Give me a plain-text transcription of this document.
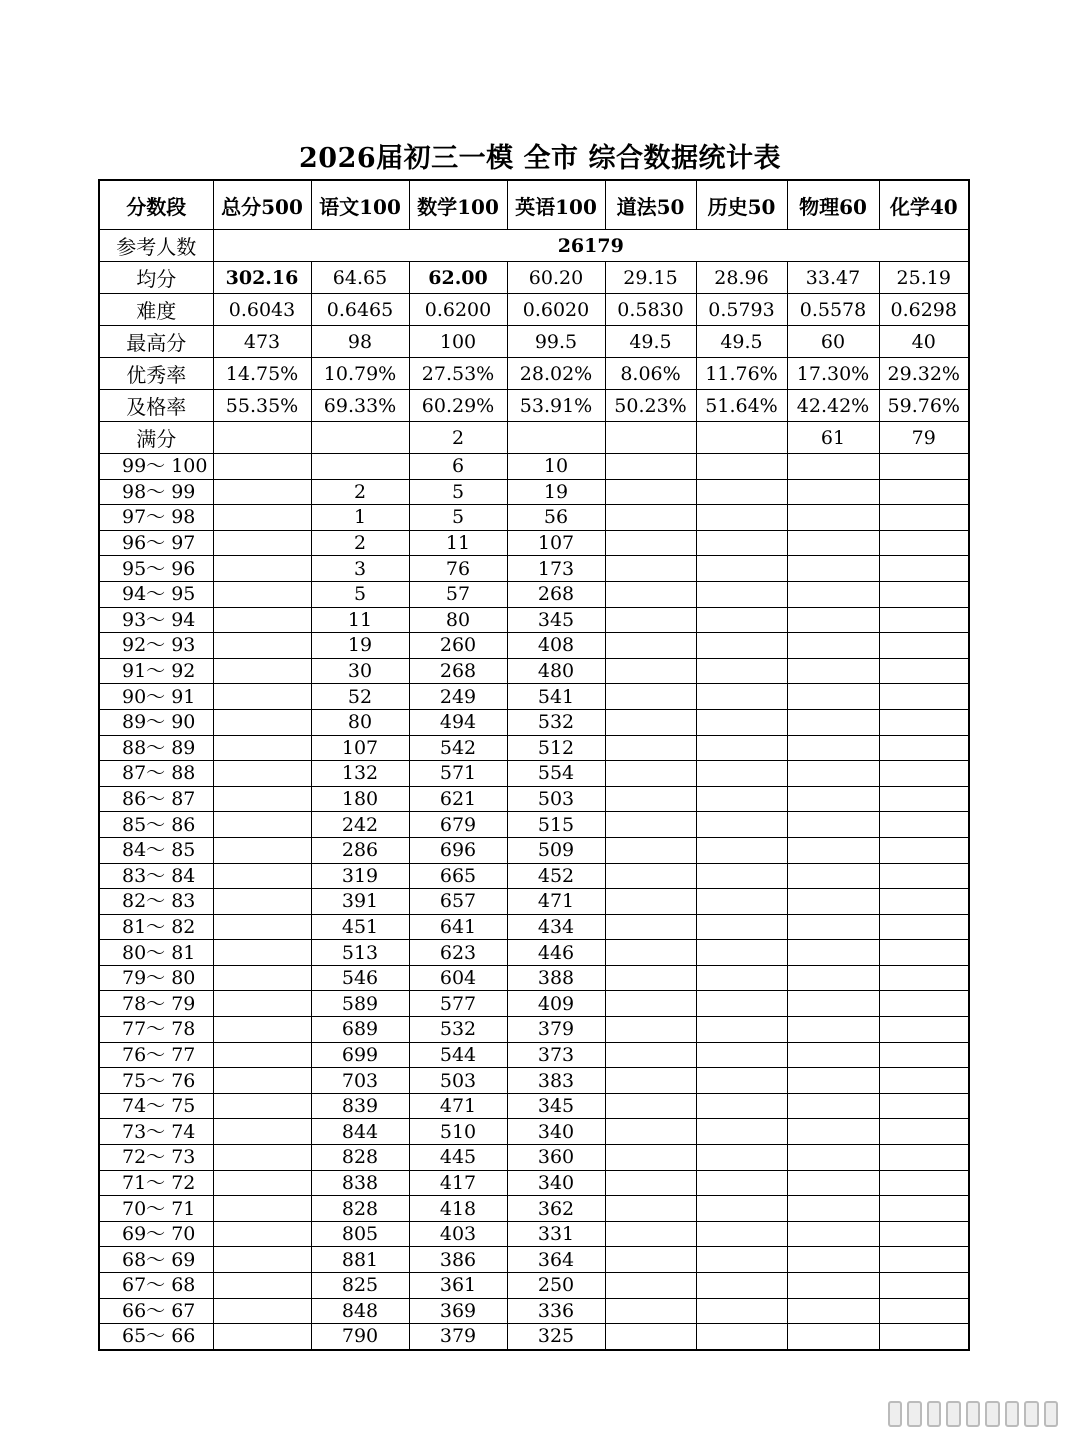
2026届初三一模 全市 综合数据统计表
分数段	总分500	语文100	数学100	英语100	道法50	历史50	物理60	化学40
参考人数	26179							
均分	302.16	64.65	62.00	60.20	29.15	28.96	33.47	25.19
难度	0.6043	0.6465	0.6200	0.6020	0.5830	0.5793	0.5578	0.6298
最高分	473	98	100	99.5	49.5	49.5	60	40
优秀率	14.75%	10.79%	27.53%	28.02%	8.06%	11.76%	17.30%	29.32%
及格率	55.35%	69.33%	60.29%	53.91%	50.23%	51.64%	42.42%	59.76%
满分			2				61	79
99～ 100			6	10				
98～ 99		2	5	19				
97～ 98		1	5	56				
96～ 97		2	11	107				
95～ 96		3	76	173				
94～ 95		5	57	268				
93～ 94		11	80	345				
92～ 93		19	260	408				
91～ 92		30	268	480				
90～ 91		52	249	541				
89～ 90		80	494	532				
88～ 89		107	542	512				
87～ 88		132	571	554				
86～ 87		180	621	503				
85～ 86		242	679	515				
84～ 85		286	696	509				
83～ 84		319	665	452				
82～ 83		391	657	471				
81～ 82		451	641	434				
80～ 81		513	623	446				
79～ 80		546	604	388				
78～ 79		589	577	409				
77～ 78		689	532	379				
76～ 77		699	544	373				
75～ 76		703	503	383				
74～ 75		839	471	345				
73～ 74		844	510	340				
72～ 73		828	445	360				
71～ 72		838	417	340				
70～ 71		828	418	362				
69～ 70		805	403	331				
68～ 69		881	386	364				
67～ 68		825	361	250				
66～ 67		848	369	336				
65～ 66		790	379	325				
